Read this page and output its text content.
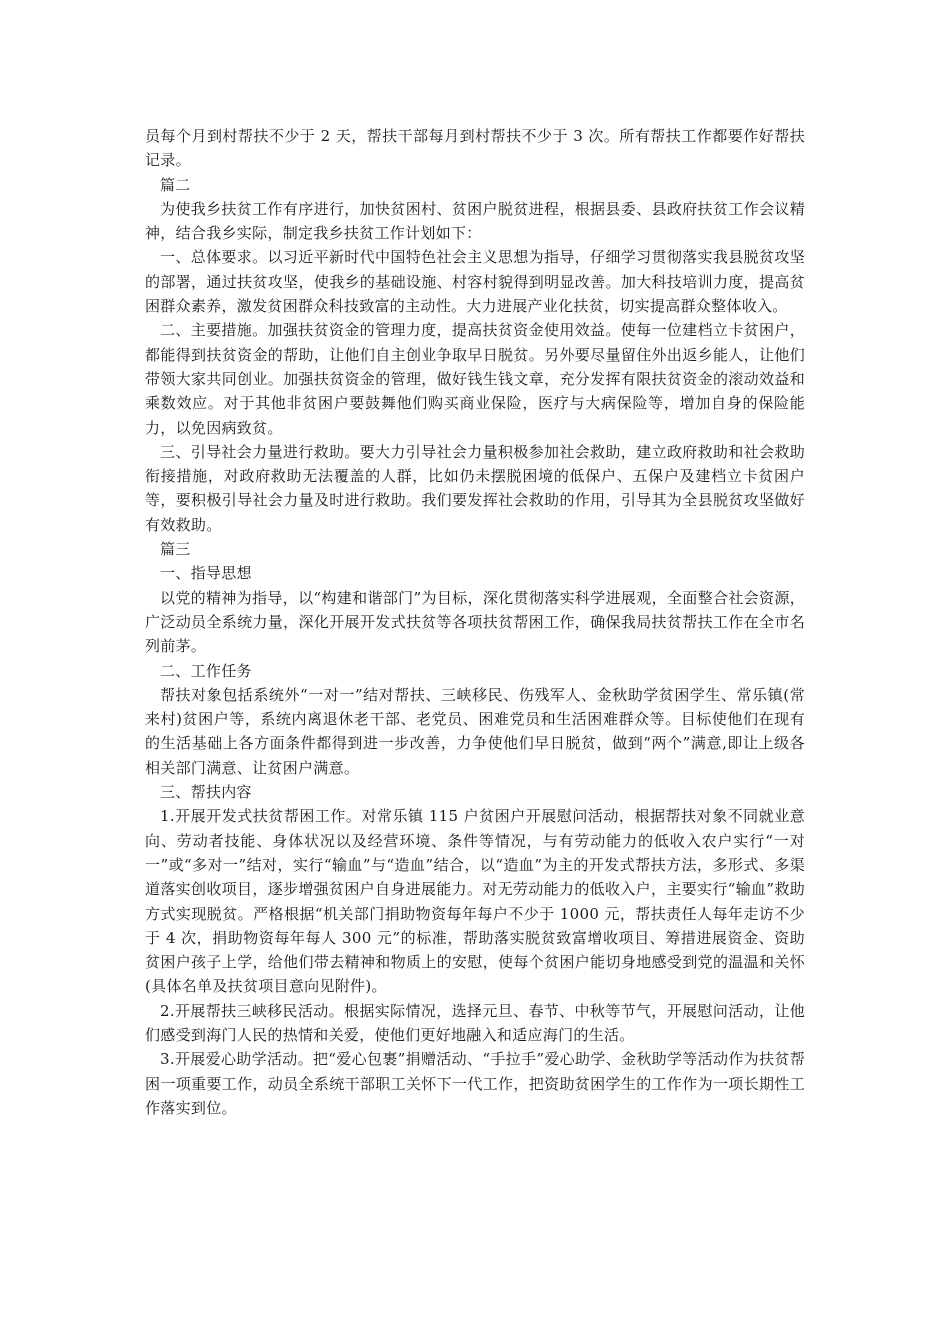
员每个月到村帮扶不少于 2 天，帮扶干部每月到村帮扶不少于 3 次。所有帮扶工作都要作好帮扶记录。

篇二

为使我乡扶贫工作有序进行，加快贫困村、贫困户脱贫进程，根据县委、县政府扶贫工作会议精神，结合我乡实际，制定我乡扶贫工作计划如下：

一、总体要求。以习近平新时代中国特色社会主义思想为指导，仔细学习贯彻落实我县脱贫攻坚的部署，通过扶贫攻坚，使我乡的基础设施、村容村貌得到明显改善。加大科技培训力度，提高贫困群众素养，激发贫困群众科技致富的主动性。大力进展产业化扶贫，切实提高群众整体收入。

二、主要措施。加强扶贫资金的管理力度，提高扶贫资金使用效益。使每一位建档立卡贫困户，都能得到扶贫资金的帮助，让他们自主创业争取早日脱贫。另外要尽量留住外出返乡能人，让他们带领大家共同创业。加强扶贫资金的管理，做好钱生钱文章，充分发挥有限扶贫资金的滚动效益和乘数效应。对于其他非贫困户要鼓舞他们购买商业保险，医疗与大病保险等，增加自身的保险能力，以免因病致贫。

三、引导社会力量进行救助。要大力引导社会力量积极参加社会救助，建立政府救助和社会救助衔接措施，对政府救助无法覆盖的人群，比如仍未摆脱困境的低保户、五保户及建档立卡贫困户等，要积极引导社会力量及时进行救助。我们要发挥社会救助的作用，引导其为全县脱贫攻坚做好有效救助。

篇三

一、指导思想

以党的精神为指导，以“构建和谐部门”为目标，深化贯彻落实科学进展观，全面整合社会资源，广泛动员全系统力量，深化开展开发式扶贫等各项扶贫帮困工作，确保我局扶贫帮扶工作在全市名列前茅。

二、工作任务

帮扶对象包括系统外“一对一”结对帮扶、三峡移民、伤残军人、金秋助学贫困学生、常乐镇(常来村)贫困户等，系统内离退休老干部、老党员、困难党员和生活困难群众等。目标使他们在现有的生活基础上各方面条件都得到进一步改善，力争使他们早日脱贫，做到“两个”满意,即让上级各相关部门满意、让贫困户满意。

三、帮扶内容

1.开展开发式扶贫帮困工作。对常乐镇 115 户贫困户开展慰问活动，根据帮扶对象不同就业意向、劳动者技能、身体状况以及经营环境、条件等情况，与有劳动能力的低收入农户实行“一对一”或“多对一”结对，实行“输血”与“造血”结合，以“造血”为主的开发式帮扶方法，多形式、多渠道落实创收项目，逐步增强贫困户自身进展能力。对无劳动能力的低收入户，主要实行“输血”救助方式实现脱贫。严格根据“机关部门捐助物资每年每户不少于 1000 元，帮扶责任人每年走访不少于 4 次，捐助物资每年每人 300 元”的标准，帮助落实脱贫致富增收项目、筹措进展资金、资助贫困户孩子上学，给他们带去精神和物质上的安慰，使每个贫困户能切身地感受到党的温温和关怀(具体名单及扶贫项目意向见附件)。

2.开展帮扶三峡移民活动。根据实际情况，选择元旦、春节、中秋等节气，开展慰问活动，让他们感受到海门人民的热情和关爱，使他们更好地融入和适应海门的生活。

3.开展爱心助学活动。把“爱心包裹”捐赠活动、“手拉手”爱心助学、金秋助学等活动作为扶贫帮困一项重要工作，动员全系统干部职工关怀下一代工作，把资助贫困学生的工作作为一项长期性工作落实到位。
